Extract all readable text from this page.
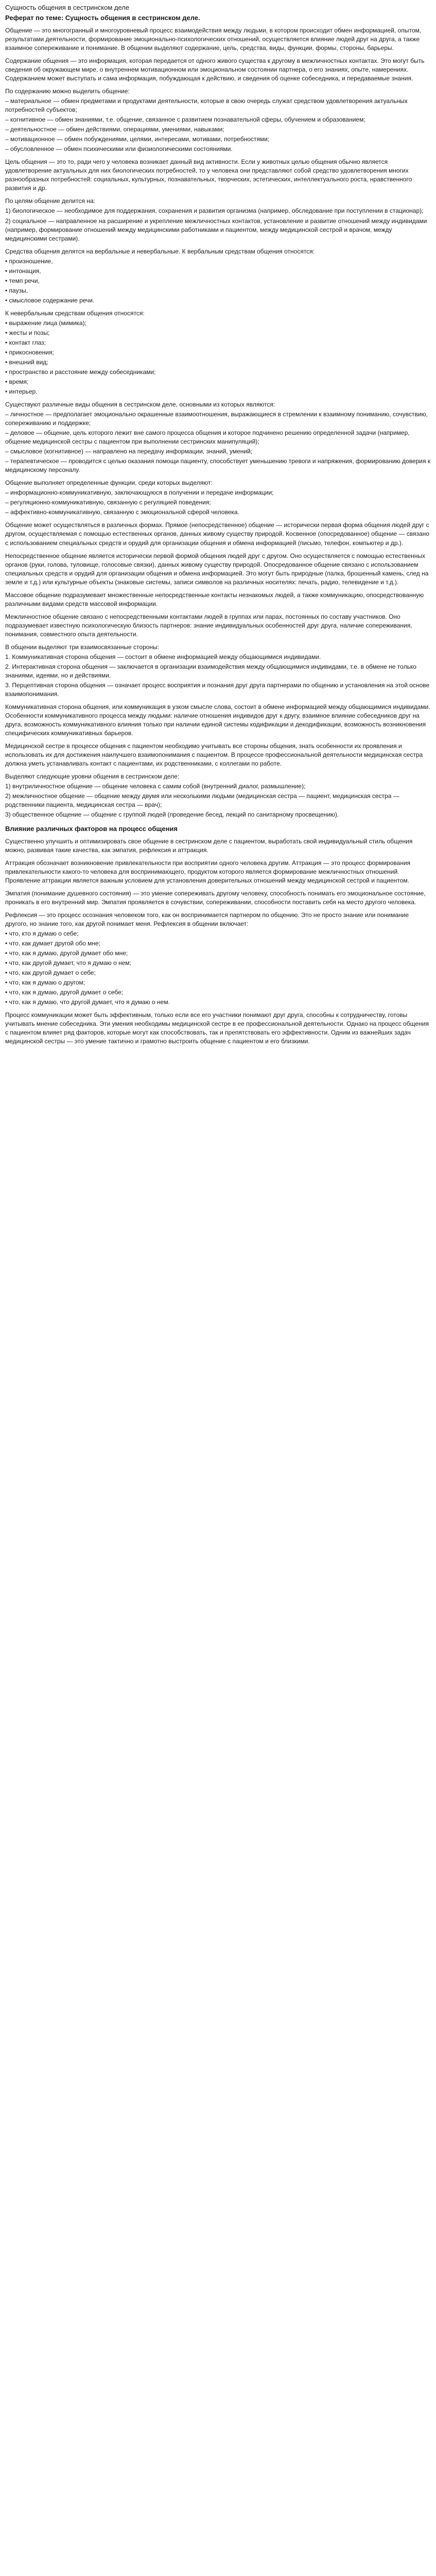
Сущность общения в сестринском деле
Реферат по теме: Сущность общения в сестринском деле.

Общение — это многогранный и многоуровневый процесс взаимодействия между людьми, в котором происходит обмен информацией, опытом, результатами деятельности, формирование эмоционально-психологических отношений, осуществляется влияние людей друг на друга, а также взаимное сопереживание и понимание. В общении выделяют содержание, цель, средства, виды, функции, формы, стороны, барьеры.

Содержание общения — это информация, которая передается от одного живого существа к другому в межличностных контактах. Это могут быть сведения об окружающем мире, о внутреннем мотивационном или эмоциональном состоянии партнера, о его знаниях, опыте, намерениях. Содержанием может выступать и сама информация, побуждающая к действию, и сведения об оценке собеседника, и передаваемые знания.

По содержанию можно выделить общение:

– материальное — обмен предметами и продуктами деятельности, которые в свою очередь служат средством удовлетворения актуальных потребностей субъектов;
– когнитивное — обмен знаниями, т.е. общение, связанное с развитием познавательной сферы, обучением и образованием;
– деятельностное — обмен действиями, операциями, умениями, навыками;
– мотивационное — обмен побуждениями, целями, интересами, мотивами, потребностями;
– обусловленное — обмен психическими или физиологическими состояниями.

Цель общения — это то, ради чего у человека возникает данный вид активности. Если у животных целью общения обычно является удовлетворение актуальных для них биологических потребностей, то у человека они представляют собой средство удовлетворения многих разнообразных потребностей: социальных, культурных, познавательных, творческих, эстетических, интеллектуального роста, нравственного развития и др.

По целям общение делится на:

1) биологическое — необходимое для поддержания, сохранения и развития организма (например, обследование при поступлении в стационар);
2) социальное — направленное на расширение и укрепление межличностных контактов, установление и развитие отношений между индивидами (например, формирование отношений между медицинскими работниками и пациентом, между медицинской сестрой и врачом, между медицинскими сестрами).

Средства общения делятся на вербальные и невербальные. К вербальным средствам общения относятся:

• произношение,
• интонация,
• темп речи,
• паузы,
• смысловое содержание речи.

К невербальным средствам общения относятся:

• выражение лица (мимика);
• жесты и позы;
• контакт глаз;
• прикосновения;
• внешний вид;
• пространство и расстояние между собеседниками;
• время;
• интерьер.

Существуют различные виды общения в сестринском деле, основными из которых являются:

– личностное — предполагает эмоционально окрашенные взаимоотношения, выражающиеся в стремлении к взаимному пониманию, сочувствию, сопереживанию и поддержке;
– деловое — общение, цель которого лежит вне самого процесса общения и которое подчинено решению определенной задачи (например, общение медицинской сестры с пациентом при выполнении сестринских манипуляций);
– смысловое (когнитивное) — направлено на передачу информации, знаний, умений;
– терапевтическое — проводится с целью оказания помощи пациенту, способствует уменьшению тревоги и напряжения, формированию доверия к медицинскому персоналу.

Общение выполняет определенные функции, среди которых выделяют:

– информационно-коммуникативную, заключающуюся в получении и передаче информации;
– регуляционно-коммуникативную, связанную с регуляцией поведения;
– аффективно-коммуникативную, связанную с эмоциональной сферой человека.

Общение может осуществляться в различных формах. Прямое (непосредственное) общение — исторически первая форма общения людей друг с другом, осуществляемая с помощью естественных органов, данных живому существу природой. Косвенное (опосредованное) общение — связано с использованием специальных средств и орудий для организации общения и обмена информацией (письмо, телефон, компьютер и др.).

Непосредственное общение является исторически первой формой общения людей друг с другом. Оно осуществляется с помощью естественных органов (руки, голова, туловище, голосовые связки), данных живому существу природой. Опосредованное общение связано с использованием специальных средств и орудий для организации общения и обмена информацией. Это могут быть природные (палка, брошенный камень, след на земле и т.д.) или культурные объекты (знаковые системы, записи символов на различных носителях: печать, радио, телевидение и т.д.).

Массовое общение подразумевает множественные непосредственные контакты незнакомых людей, а также коммуникацию, опосредствованную различными видами средств массовой информации.

Межличностное общение связано с непосредственными контактами людей в группах или парах, постоянных по составу участников. Оно подразумевает известную психологическую близость партнеров: знание индивидуальных особенностей друг друга, наличие сопереживания, понимания, совместного опыта деятельности.

В общении выделяют три взаимосвязанные стороны:

1. Коммуникативная сторона общения — состоит в обмене информацией между общающимися индивидами.
2. Интерактивная сторона общения — заключается в организации взаимодействия между общающимися индивидами, т.е. в обмене не только знаниями, идеями, но и действиями.
3. Перцептивная сторона общения — означает процесс восприятия и познания друг друга партнерами по общению и установления на этой основе взаимопонимания.

Коммуникативная сторона общения, или коммуникация в узком смысле слова, состоит в обмене информацией между общающимися индивидами. Особенности коммуникативного процесса между людьми: наличие отношения индивидов друг к другу, взаимное влияние собеседников друг на друга, возможность коммуникативного влияния только при наличии единой системы кодификации и декодификации, возможность возникновения специфических коммуникативных барьеров.

Медицинской сестре в процессе общения с пациентом необходимо учитывать все стороны общения, знать особенности их проявления и использовать их для достижения наилучшего взаимопонимания с пациентом. В процессе профессиональной деятельности медицинская сестра должна уметь устанавливать контакт с пациентами, их родственниками, с коллегами по работе.

Выделяют следующие уровни общения в сестринском деле:

1) внутриличностное общение — общение человека с самим собой (внутренний диалог, размышление);
2) межличностное общение — общение между двумя или несколькими людьми (медицинская сестра — пациент, медицинская сестра — родственники пациента, медицинская сестра — врач);
3) общественное общение — общение с группой людей (проведение бесед, лекций по санитарному просвещению).
Влияние различных факторов на процесс общения

Существенно улучшить и оптимизировать свое общение в сестринском деле с пациентом, выработать свой индивидуальный стиль общения можно, развивая такие качества, как эмпатия, рефлексия и аттракция.

Аттракция обозначает возникновение привлекательности при восприятии одного человека другим. Аттракция — это процесс формирования привлекательности какого-то человека для воспринимающего, продуктом которого является формирование межличностных отношений. Проявление аттракции является важным условием для установления доверительных отношений между медицинской сестрой и пациентом.

Эмпатия (понимание душевного состояния) — это умение сопереживать другому человеку, способность понимать его эмоциональное состояние, проникать в его внутренний мир. Эмпатия проявляется в сочувствии, сопереживании, способности поставить себя на место другого человека.

Рефлексия — это процесс осознания человеком того, как он воспринимается партнером по общению. Это не просто знание или понимание другого, но знание того, как другой понимает меня. Рефлексия в общении включает:

• что, кто я думаю о себе;
• что, как думает другой обо мне;
• что, как я думаю, другой думает обо мне;
• что, как другой думает, что я думаю о нем;
• что, как другой думает о себе;
• что, как я думаю о другом;
• что, как я думаю, другой думает о себе;
• что, как я думаю, что другой думает, что я думаю о нем.

Процесс коммуникации может быть эффективным, только если все его участники понимают друг друга, способны к сотрудничеству, готовы учитывать мнение собеседника. Эти умения необходимы медицинской сестре в ее профессиональной деятельности. Однако на процесс общения с пациентом влияет ряд факторов, которые могут как способствовать, так и препятствовать его эффективности. Одним из важнейших задач медицинской сестры — это умение тактично и грамотно выстроить общение с пациентом и его близкими.
